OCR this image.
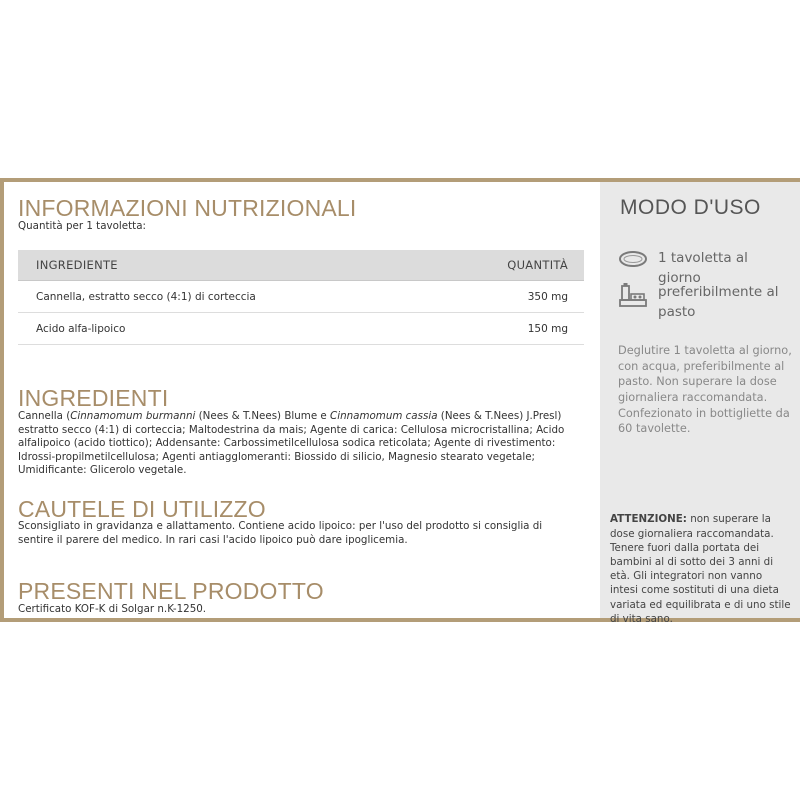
INFORMAZIONI NUTRIZIONALI

Quantità per 1 tavoletta:

INGREDIENTE	QUANTITÀ
Cannella, estratto secco (4:1) di corteccia	350 mg
Acido alfa-lipoico	150 mg
INGREDIENTI

Cannella (Cinnamomum burmanni (Nees & T.Nees) Blume e Cinnamomum cassia (Nees & T.Nees) J.Presl) estratto secco (4:1) di corteccia; Maltodestrina da mais; Agente di carica: Cellulosa microcristallina; Acido alfalipoico (acido tiottico); Addensante: Carbossimetilcellulosa sodica reticolata; Agente di rivestimento: Idrossi-propilmetilcellulosa; Agenti antiagglomeranti: Biossido di silicio, Magnesio stearato vegetale; Umidificante: Glicerolo vegetale.

CAUTELE DI UTILIZZO

Sconsigliato in gravidanza e allattamento. Contiene acido lipoico: per l'uso del prodotto si consiglia di sentire il parere del medico. In rari casi l'acido lipoico può dare ipoglicemia.

PRESENTI NEL PRODOTTO

Certificato KOF-K di Solgar n.K-1250.

MODO D'USO
1 tavoletta al giorno
preferibilmente al pasto

Deglutire 1 tavoletta al giorno, con acqua, preferibilmente al pasto. Non superare la dose giornaliera raccomandata. Confezionato in bottigliette da 60 tavolette.

ATTENZIONE: non superare la dose giornaliera raccomandata. Tenere fuori dalla portata dei bambini al di sotto dei 3 anni di età. Gli integratori non vanno intesi come sostituti di una dieta variata ed equilibrata e di uno stile di vita sano.
